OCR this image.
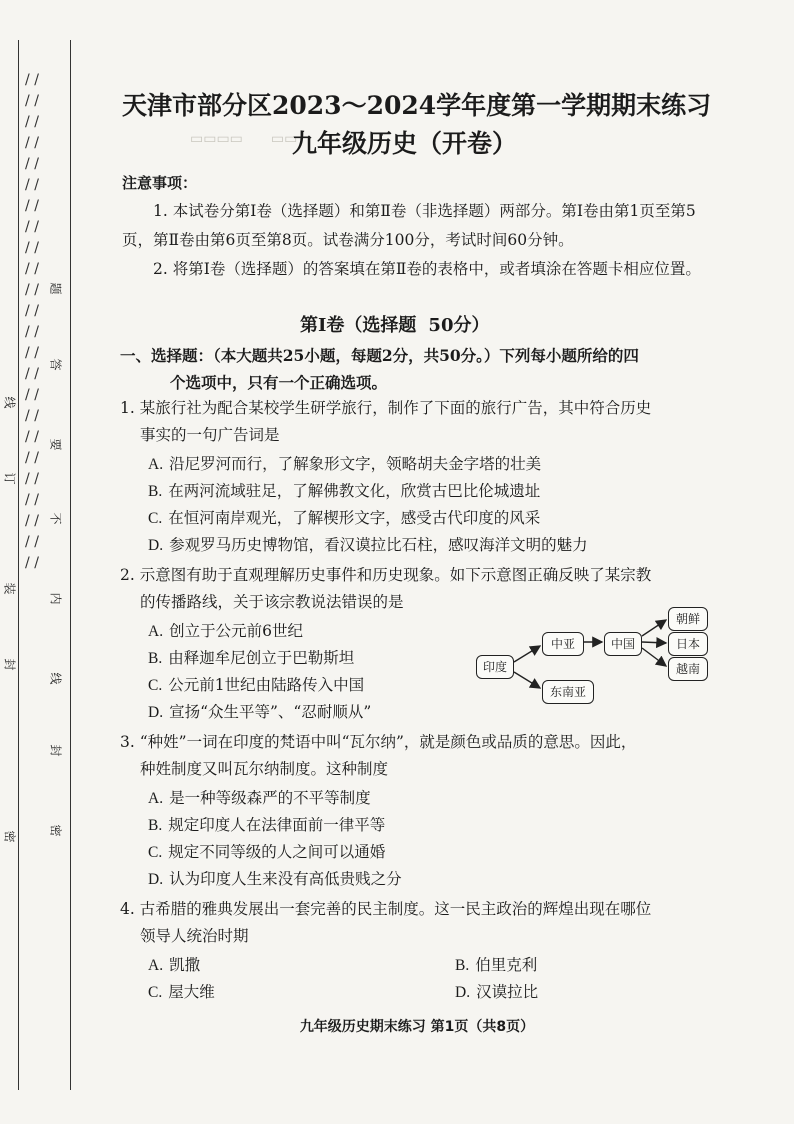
/ / / / / / / / / / / / / / / / / / / / / / / / / / / / / / / / / / / / / / / / / / / / / / / /
密
封
线
内
不
要
答
题
密
封
装
订
线
▭▭▭▭　　▭▭
天津市部分区2023～2024学年度第一学期期末练习
九年级历史（开卷）
注意事项：
1. 本试卷分第Ⅰ卷（选择题）和第Ⅱ卷（非选择题）两部分。第Ⅰ卷由第1页至第5页，第Ⅱ卷由第6页至第8页。试卷满分100分，考试时间60分钟。
2. 将第Ⅰ卷（选择题）的答案填在第Ⅱ卷的表格中，或者填涂在答题卡相应位置。
第Ⅰ卷（选择题 50分）
一、选择题：（本大题共25小题，每题2分，共50分。）下列每小题所给的四
个选项中，只有一个正确选项。
1. 某旅行社为配合某校学生研学旅行，制作了下面的旅行广告，其中符合历史
事实的一句广告词是
A. 沿尼罗河而行，了解象形文字，领略胡夫金字塔的壮美
B. 在两河流域驻足，了解佛教文化，欣赏古巴比伦城遗址
C. 在恒河南岸观光，了解楔形文字，感受古代印度的风采
D. 参观罗马历史博物馆，看汉谟拉比石柱，感叹海洋文明的魅力
2. 示意图有助于直观理解历史事件和历史现象。如下示意图正确反映了某宗教
的传播路线，关于该宗教说法错误的是
A. 创立于公元前6世纪
B. 由释迦牟尼创立于巴勒斯坦
C. 公元前1世纪由陆路传入中国
D. 宣扬“众生平等”、“忍耐顺从”
3. “种姓”一词在印度的梵语中叫“瓦尔纳”，就是颜色或品质的意思。因此，
种姓制度又叫瓦尔纳制度。这种制度
A. 是一种等级森严的不平等制度
B. 规定印度人在法律面前一律平等
C. 规定不同等级的人之间可以通婚
D. 认为印度人生来没有高低贵贱之分
4. 古希腊的雅典发展出一套完善的民主制度。这一民主政治的辉煌出现在哪位
领导人统治时期
A. 凯撒	B. 伯里克利
C. 屋大维	D. 汉谟拉比
印度
中亚	中国
东南亚
朝鲜
日本
越南
九年级历史期末练习 第1页（共8页）
